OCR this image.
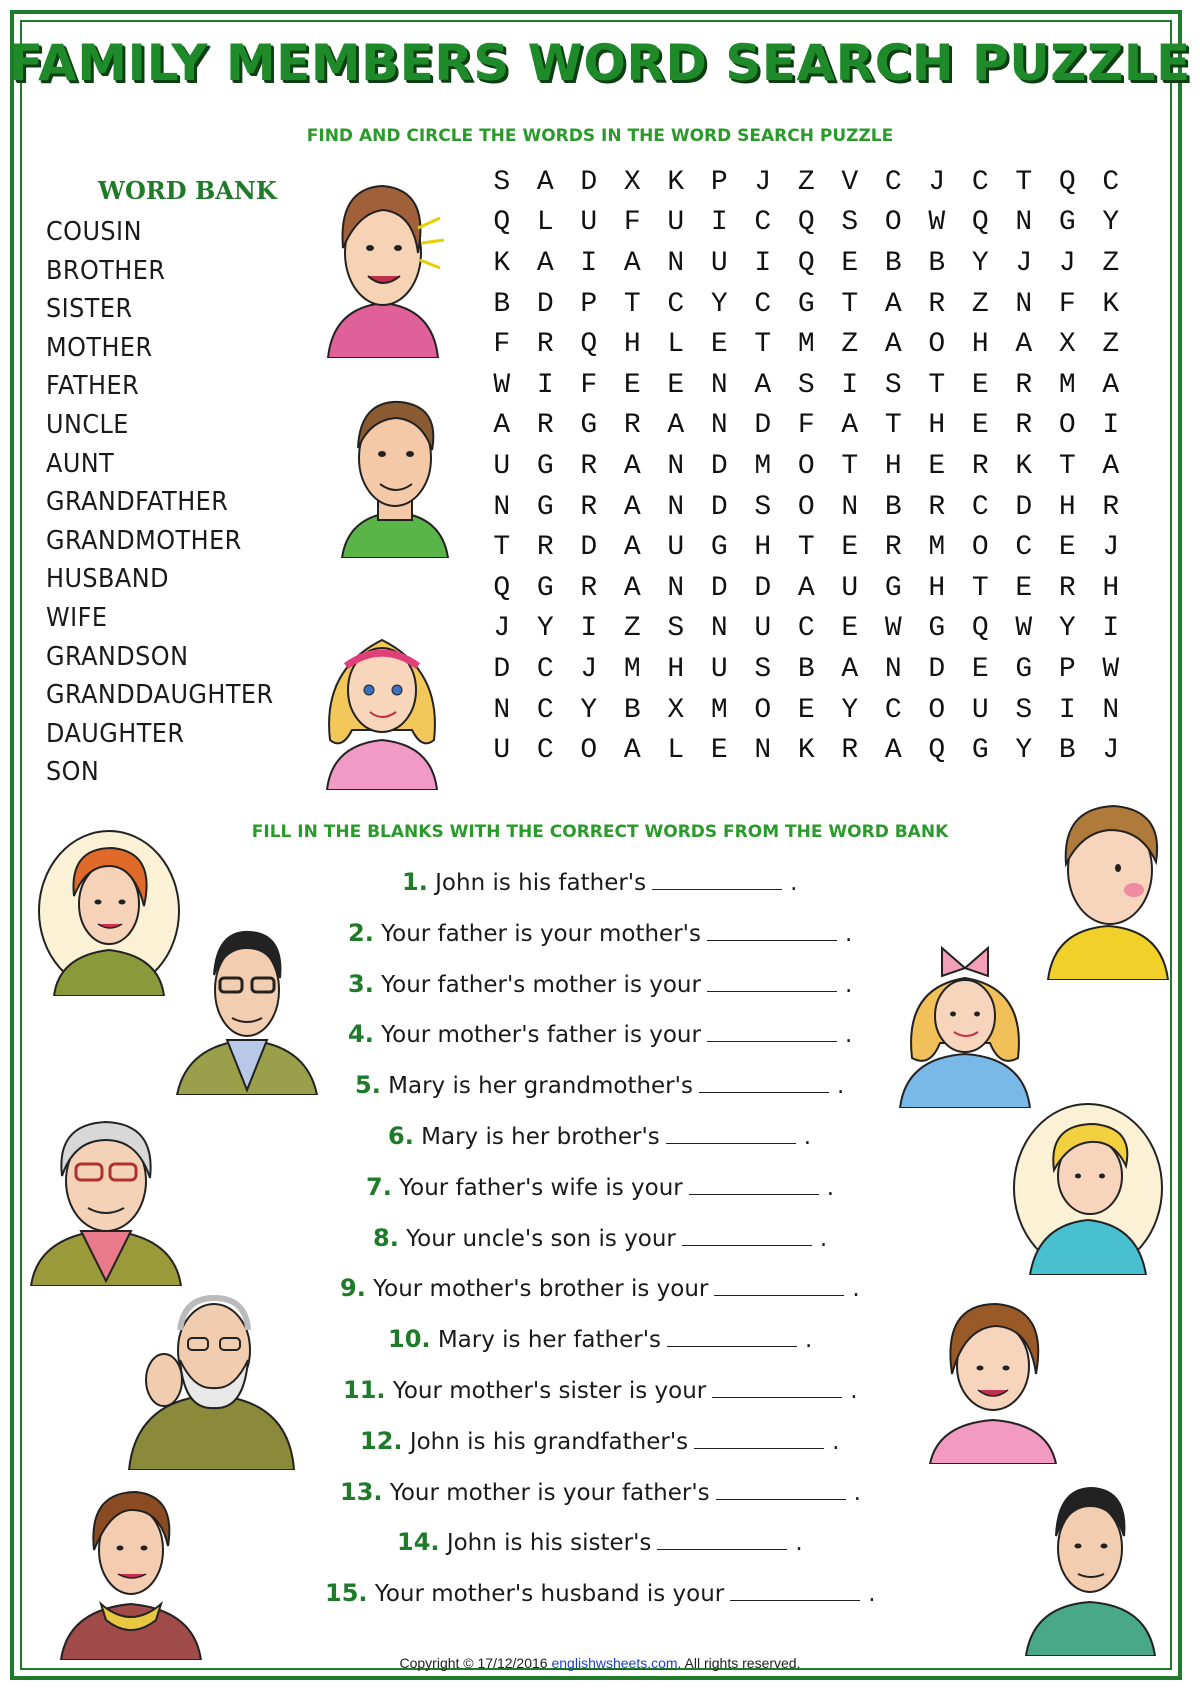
FAMILY MEMBERS WORD SEARCH PUZZLE
FIND AND CIRCLE THE WORDS IN THE WORD SEARCH PUZZLE
WORD BANK
COUSIN
BROTHER
SISTER
MOTHER
FATHER
UNCLE
AUNT
GRANDFATHER
GRANDMOTHER
HUSBAND
WIFE
GRANDSON
GRANDDAUGHTER
DAUGHTER
SON
S A D X K P J Z V C J C T Q C
Q L U F U I C Q S O W Q N G Y
K A I A N U I Q E B B Y J J Z
B D P T C Y C G T A R Z N F K
F R Q H L E T M Z A O H A X Z
W I F E E N A S I S T E R M A
A R G R A N D F A T H E R O I
U G R A N D M O T H E R K T A
N G R A N D S O N B R C D H R
T R D A U G H T E R M O C E J
Q G R A N D D A U G H T E R H
J Y I Z S N U C E W G Q W Y I
D C J M H U S B A N D E G P W
N C Y B X M O E Y C O U S I N
U C O A L E N K R A Q G Y B J
FILL IN THE BLANKS WITH THE CORRECT WORDS FROM THE WORD BANK
1. John is his father's	.
2. Your father is your mother's	.
3. Your father's mother is your	.
4. Your mother's father is your	.
5. Mary is her grandmother's	.
6. Mary is her brother's	.
7. Your father's wife is your	.
8. Your uncle's son is your	.
9. Your mother's brother is your	.
10. Mary is her father's	.
11. Your mother's sister is your	.
12. John is his grandfather's	.
13. Your mother is your father's	.
14. John is his sister's	.
15. Your mother's husband is your	.
Copyright © 17/12/2016 englishwsheets.com. All rights reserved.
